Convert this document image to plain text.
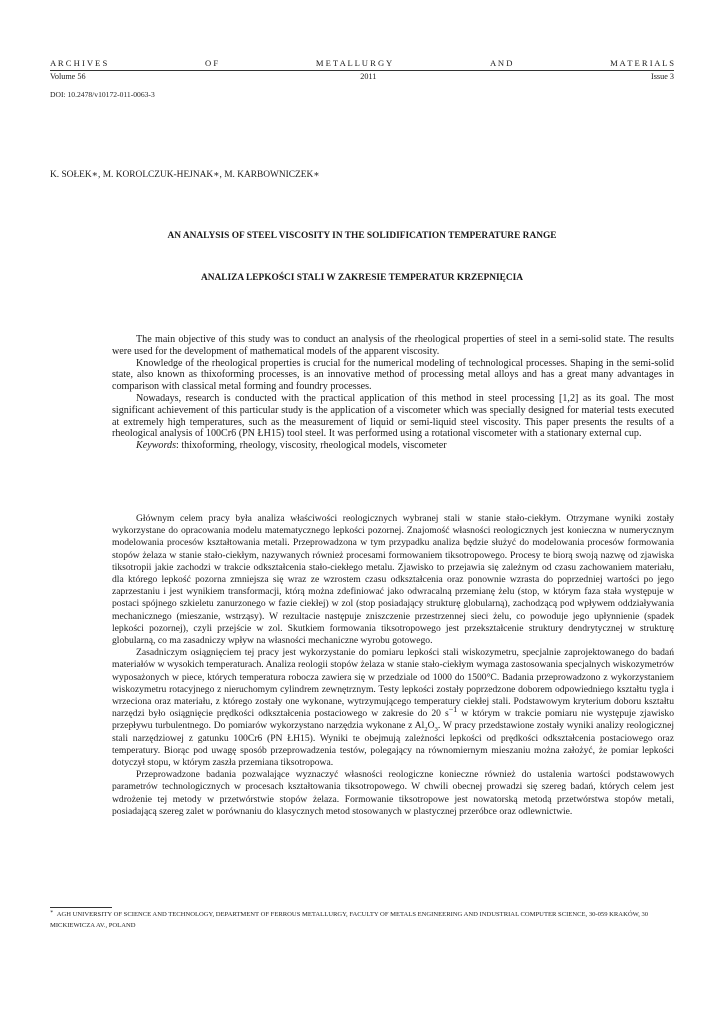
A R C H I V E S	O F	M E T A L L U R G Y	A N D	M A T E R I A L S
Volume 56	2011	Issue 3
DOI: 10.2478/v10172-011-0063-3
K. SOŁEK∗, M. KOROLCZUK-HEJNAK∗, M. KARBOWNICZEK∗
AN ANALYSIS OF STEEL VISCOSITY IN THE SOLIDIFICATION TEMPERATURE RANGE
ANALIZA LEPKOŚCI STALI W ZAKRESIE TEMPERATUR KRZEPNIĘCIA

The main objective of this study was to conduct an analysis of the rheological properties of steel in a semi-solid state. The results were used for the development of mathematical models of the apparent viscosity.

Knowledge of the rheological properties is crucial for the numerical modeling of technological processes. Shaping in the semi-solid state, also known as thixoforming processes, is an innovative method of processing metal alloys and has a great many advantages in comparison with classical metal forming and foundry processes.

Nowadays, research is conducted with the practical application of this method in steel processing [1,2] as its goal. The most significant achievement of this particular study is the application of a viscometer which was specially designed for material tests executed at extremely high temperatures, such as the measurement of liquid or semi-liquid steel viscosity. This paper presents the results of a rheological analysis of 100Cr6 (PN ŁH15) tool steel. It was performed using a rotational viscometer with a stationary external cup.

Keywords: thixoforming, rheology, viscosity, rheological models, viscometer

Głównym celem pracy była analiza właściwości reologicznych wybranej stali w stanie stało-ciekłym. Otrzymane wyniki zostały wykorzystane do opracowania modelu matematycznego lepkości pozornej. Znajomość własności reologicznych jest konieczna w numerycznym modelowania procesów kształtowania metali. Przeprowadzona w tym przypadku analiza będzie służyć do modelowania procesów formowania stopów żelaza w stanie stało-ciekłym, nazywanych również procesami formowaniem tiksotropowego. Procesy te biorą swoją nazwę od zjawiska tiksotropii jakie zachodzi w trakcie odkształcenia stało-ciekłego metalu. Zjawisko to przejawia się zależnym od czasu zachowaniem materiału, dla którego lepkość pozorna zmniejsza się wraz ze wzrostem czasu odkształcenia oraz ponownie wzrasta do poprzedniej wartości po jego zaprzestaniu i jest wynikiem transformacji, którą można zdefiniować jako odwracalną przemianę żelu (stop, w którym faza stała występuje w postaci spójnego szkieletu zanurzonego w fazie ciekłej) w zol (stop posiadający strukturę globularną), zachodzącą pod wpływem oddziaływania mechanicznego (mieszanie, wstrząsy). W rezultacie następuje zniszczenie przestrzennej sieci żelu, co powoduje jego upłynnienie (spadek lepkości pozornej), czyli przejście w zol. Skutkiem formowania tiksotropowego jest przekształcenie struktury dendrytycznej w strukturę globularną, co ma zasadniczy wpływ na własności mechaniczne wyrobu gotowego.

Zasadniczym osiągnięciem tej pracy jest wykorzystanie do pomiaru lepkości stali wiskozymetru, specjalnie zaprojektowanego do badań materiałów w wysokich temperaturach. Analiza reologii stopów żelaza w stanie stało-ciekłym wymaga zastosowania specjalnych wiskozymetrów wyposażonych w piece, których temperatura robocza zawiera się w przedziale od 1000 do 1500°C. Badania przeprowadzono z wykorzystaniem wiskozymetru rotacyjnego z nieruchomym cylindrem zewnętrznym. Testy lepkości zostały poprzedzone doborem odpowiedniego kształtu tygla i wrzeciona oraz materiału, z którego zostały one wykonane, wytrzymującego temperatury ciekłej stali. Podstawowym kryterium doboru kształtu narzędzi było osiągnięcie prędkości odkształcenia postaciowego w zakresie do 20 $s^{-1}$ w którym w trakcie pomiaru nie występuje zjawisko przepływu turbulentnego. Do pomiarów wykorzystano narzędzia wykonane z $Al_2O_3$. W pracy przedstawione zostały wyniki analizy reologicznej stali narzędziowej z gatunku 100Cr6 (PN ŁH15). Wyniki te obejmują zależności lepkości od prędkości odkształcenia postaciowego oraz temperatury. Biorąc pod uwagę sposób przeprowadzenia testów, polegający na równomiernym mieszaniu można założyć, że pomiar lepkości dotyczył stopu, w którym zaszła przemiana tiksotropowa.

Przeprowadzone badania pozwalające wyznaczyć własności reologiczne konieczne również do ustalenia wartości podstawowych parametrów technologicznych w procesach kształtowania tiksotropowego. W chwili obecnej prowadzi się szereg badań, których celem jest wdrożenie tej metody w przetwórstwie stopów żelaza. Formowanie tiksotropowe jest nowatorską metodą przetwórstwa stopów metali, posiadającą szereg zalet w porównaniu do klasycznych metod stosowanych w plastycznej przeróbce oraz odlewnictwie.

∗ AGH UNIVERSITY OF SCIENCE AND TECHNOLOGY, DEPARTMENT OF FERROUS METALLURGY, FACULTY OF METALS ENGINEERING AND INDUSTRIAL COMPUTER SCIENCE, 30-059 KRAKÓW, 30 MICKIEWICZA AV., POLAND
